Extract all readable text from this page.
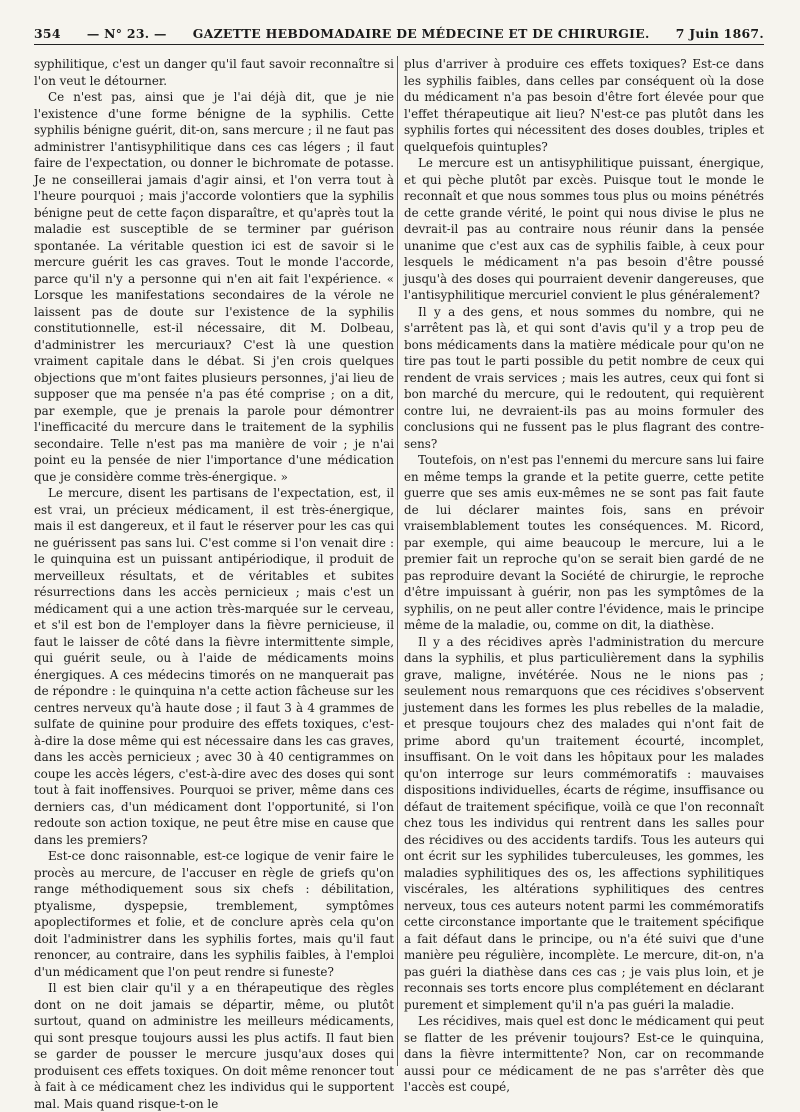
354 — N° 23. — GAZETTE HEBDOMADAIRE DE MÉDECINE ET DE CHIRURGIE. 7 Juin 1867.

syphilitique, c'est un danger qu'il faut savoir reconnaître si l'on veut le détourner.

Ce n'est pas, ainsi que je l'ai déjà dit, que je nie l'existence d'une forme bénigne de la syphilis. Cette syphilis bénigne guérit, dit-on, sans mercure ; il ne faut pas administrer l'antisyphilitique dans ces cas légers ; il faut faire de l'expectation, ou donner le bichromate de potasse. Je ne conseillerai jamais d'agir ainsi, et l'on verra tout à l'heure pourquoi ; mais j'accorde volontiers que la syphilis bénigne peut de cette façon disparaître, et qu'après tout la maladie est susceptible de se terminer par guérison spontanée. La véritable question ici est de savoir si le mercure guérit les cas graves. Tout le monde l'accorde, parce qu'il n'y a personne qui n'en ait fait l'expérience. « Lorsque les manifestations secondaires de la vérole ne laissent pas de doute sur l'existence de la syphilis constitutionnelle, est-il nécessaire, dit M. Dolbeau, d'administrer les mercuriaux? C'est là une question vraiment capitale dans le débat. Si j'en crois quelques objections que m'ont faites plusieurs personnes, j'ai lieu de supposer que ma pensée n'a pas été comprise ; on a dit, par exemple, que je prenais la parole pour démontrer l'inefficacité du mercure dans le traitement de la syphilis secondaire. Telle n'est pas ma manière de voir ; je n'ai point eu la pensée de nier l'importance d'une médication que je considère comme très-énergique. »

Le mercure, disent les partisans de l'expectation, est, il est vrai, un précieux médicament, il est très-énergique, mais il est dangereux, et il faut le réserver pour les cas qui ne guérissent pas sans lui. C'est comme si l'on venait dire : le quinquina est un puissant antipériodique, il produit de merveilleux résultats, et de véritables et subites résurrections dans les accès pernicieux ; mais c'est un médicament qui a une action très-marquée sur le cerveau, et s'il est bon de l'employer dans la fièvre pernicieuse, il faut le laisser de côté dans la fièvre intermittente simple, qui guérit seule, ou à l'aide de médicaments moins énergiques. A ces médecins timorés on ne manquerait pas de répondre : le quinquina n'a cette action fâcheuse sur les centres nerveux qu'à haute dose ; il faut 3 à 4 grammes de sulfate de quinine pour produire des effets toxiques, c'est-à-dire la dose même qui est nécessaire dans les cas graves, dans les accès pernicieux ; avec 30 à 40 centigrammes on coupe les accès légers, c'est-à-dire avec des doses qui sont tout à fait inoffensives. Pourquoi se priver, même dans ces derniers cas, d'un médicament dont l'opportunité, si l'on redoute son action toxique, ne peut être mise en cause que dans les premiers?

Est-ce donc raisonnable, est-ce logique de venir faire le procès au mercure, de l'accuser en règle de griefs qu'on range méthodiquement sous six chefs : débilitation, ptyalisme, dyspepsie, tremblement, symptômes apoplectiformes et folie, et de conclure après cela qu'on doit l'administrer dans les syphilis fortes, mais qu'il faut renoncer, au contraire, dans les syphilis faibles, à l'emploi d'un médicament que l'on peut rendre si funeste?

Il est bien clair qu'il y a en thérapeutique des règles dont on ne doit jamais se départir, même, ou plutôt surtout, quand on administre les meilleurs médicaments, qui sont presque toujours aussi les plus actifs. Il faut bien se garder de pousser le mercure jusqu'aux doses qui produisent ces effets toxiques. On doit même renoncer tout à fait à ce médicament chez les individus qui le supportent mal. Mais quand risque-t-on le

plus d'arriver à produire ces effets toxiques? Est-ce dans les syphilis faibles, dans celles par conséquent où la dose du médicament n'a pas besoin d'être fort élevée pour que l'effet thérapeutique ait lieu? N'est-ce pas plutôt dans les syphilis fortes qui nécessitent des doses doubles, triples et quelquefois quintuples?

Le mercure est un antisyphilitique puissant, énergique, et qui pèche plutôt par excès. Puisque tout le monde le reconnaît et que nous sommes tous plus ou moins pénétrés de cette grande vérité, le point qui nous divise le plus ne devrait-il pas au contraire nous réunir dans la pensée unanime que c'est aux cas de syphilis faible, à ceux pour lesquels le médicament n'a pas besoin d'être poussé jusqu'à des doses qui pourraient devenir dangereuses, que l'antisyphilitique mercuriel convient le plus généralement?

Il y a des gens, et nous sommes du nombre, qui ne s'arrêtent pas là, et qui sont d'avis qu'il y a trop peu de bons médicaments dans la matière médicale pour qu'on ne tire pas tout le parti possible du petit nombre de ceux qui rendent de vrais services ; mais les autres, ceux qui font si bon marché du mercure, qui le redoutent, qui requièrent contre lui, ne devraient-ils pas au moins formuler des conclusions qui ne fussent pas le plus flagrant des contre-sens?

Toutefois, on n'est pas l'ennemi du mercure sans lui faire en même temps la grande et la petite guerre, cette petite guerre que ses amis eux-mêmes ne se sont pas fait faute de lui déclarer maintes fois, sans en prévoir vraisemblablement toutes les conséquences. M. Ricord, par exemple, qui aime beaucoup le mercure, lui a le premier fait un reproche qu'on se serait bien gardé de ne pas reproduire devant la Société de chirurgie, le reproche d'être impuissant à guérir, non pas les symptômes de la syphilis, on ne peut aller contre l'évidence, mais le principe même de la maladie, ou, comme on dit, la diathèse.

Il y a des récidives après l'administration du mercure dans la syphilis, et plus particulièrement dans la syphilis grave, maligne, invétérée. Nous ne le nions pas ; seulement nous remarquons que ces récidives s'observent justement dans les formes les plus rebelles de la maladie, et presque toujours chez des malades qui n'ont fait de prime abord qu'un traitement écourté, incomplet, insuffisant. On le voit dans les hôpitaux pour les malades qu'on interroge sur leurs commémoratifs : mauvaises dispositions individuelles, écarts de régime, insuffisance ou défaut de traitement spécifique, voilà ce que l'on reconnaît chez tous les individus qui rentrent dans les salles pour des récidives ou des accidents tardifs. Tous les auteurs qui ont écrit sur les syphilides tuberculeuses, les gommes, les maladies syphilitiques des os, les affections syphilitiques viscérales, les altérations syphilitiques des centres nerveux, tous ces auteurs notent parmi les commémoratifs cette circonstance importante que le traitement spécifique a fait défaut dans le principe, ou n'a été suivi que d'une manière peu régulière, incomplète. Le mercure, dit-on, n'a pas guéri la diathèse dans ces cas ; je vais plus loin, et je reconnais ses torts encore plus complétement en déclarant purement et simplement qu'il n'a pas guéri la maladie.

Les récidives, mais quel est donc le médicament qui peut se flatter de les prévenir toujours? Est-ce le quinquina, dans la fièvre intermittente? Non, car on recommande aussi pour ce médicament de ne pas s'arrêter dès que l'accès est coupé,
